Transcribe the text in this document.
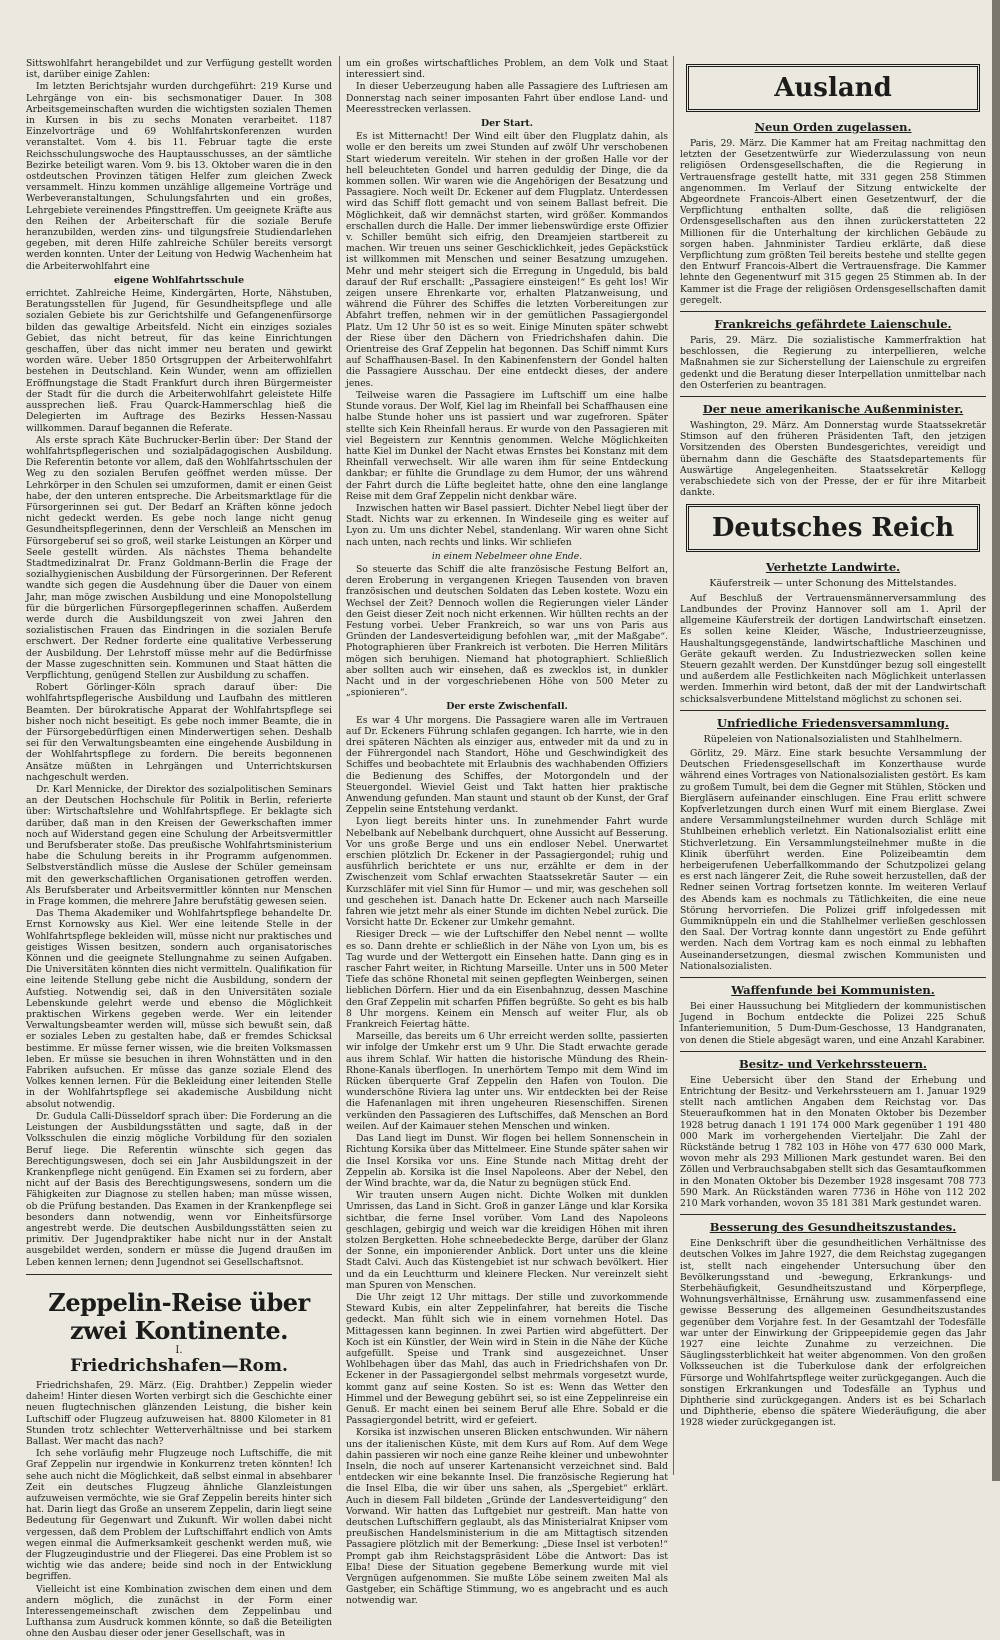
Sittswohlfahrt herangebildet und zur Verfügung gestellt worden ist, darüber einige Zahlen:

Im letzten Berichtsjahr wurden durchgeführt: 219 Kurse und Lehrgänge von ein- bis sechsmonatiger Dauer. In 308 Arbeitsgemeinschaften wurden die wichtigsten sozialen Themen in Kursen in bis zu sechs Monaten verarbeitet. 1187 Einzelvorträge und 69 Wohlfahrtskonferenzen wurden veranstaltet. Vom 4. bis 11. Februar tagte die erste Reichsschulungswoche des Hauptausschusses, an der sämtliche Bezirke beteiligt waren. Vom 9. bis 13. Oktober waren die in den ostdeutschen Provinzen tätigen Helfer zum gleichen Zweck versammelt. Hinzu kommen unzählige allgemeine Vorträge und Werbeveranstaltungen, Schulungsfahrten und ein großes, Lehrgebiete vereinendes Pfingsttreffen. Um geeignete Kräfte aus den Reihen der Arbeiterschaft für die soziale Berufe heranzubilden, werden zins- und tilgungsfreie Studiendarlehen gegeben, mit deren Hilfe zahlreiche Schüler bereits versorgt werden konnten. Unter der Leitung von Hedwig Wachenheim hat die Arbeiterwohlfahrt eine

eigene Wohlfahrtsschule

errichtet. Zahlreiche Heime, Kindergärten, Horte, Nähstuben, Beratungsstellen für Jugend, für Gesundheitspflege und alle sozialen Gebiete bis zur Gerichtshilfe und Gefangenenfürsorge bilden das gewaltige Arbeitsfeld. Nicht ein einziges soziales Gebiet, das nicht betreut, für das keine Einrichtungen geschaffen, über das nicht immer neu beraten und gewirkt worden wäre. Ueber 1850 Ortsgruppen der Arbeiterwohlfahrt bestehen in Deutschland. Kein Wunder, wenn am offiziellen Eröffnungstage die Stadt Frankfurt durch ihren Bürgermeister der Stadt für die durch die Arbeiterwohlfahrt geleistete Hilfe aussprechen ließ. Frau Quarck-Hammerschlag hieß die Delegierten im Auftrage des Bezirks Hessen-Nassau willkommen. Darauf begannen die Referate.

Als erste sprach Käte Buchrucker-Berlin über: Der Stand der wohlfahrtspflegerischen und sozialpädagogischen Ausbildung. Die Referentin betonte vor allem, daß den Wohlfahrtsschulen der Weg zu den sozialen Berufen geöffnet werden müsse. Der Lehrkörper in den Schulen sei umzuformen, damit er einen Geist habe, der den unteren entspreche. Die Arbeitsmarktlage für die Fürsorgerinnen sei gut. Der Bedarf an Kräften könne jedoch nicht gedeckt werden. Es gebe noch lange nicht genug Gesundheitspflegerinnen, denn der Verschleiß an Menschen im Fürsorgeberuf sei so groß, weil starke Leistungen an Körper und Seele gestellt würden. Als nächstes Thema behandelte Stadtmedizinalrat Dr. Franz Goldmann-Berlin die Frage der sozialhygienischen Ausbildung der Fürsorgerinnen. Der Referent wandte sich gegen die Ausdehnung über die Dauer von einem Jahr, man möge zwischen Ausbildung und eine Monopolstellung für die bürgerlichen Fürsorgepflegerinnen schaffen. Außerdem werde durch die Ausbildungszeit von zwei Jahren den sozialistischen Frauen das Eindringen in die sozialen Berufe erschwert. Der Redner forderte eine qualitative Verbesserung der Ausbildung. Der Lehrstoff müsse mehr auf die Bedürfnisse der Masse zugeschnitten sein. Kommunen und Staat hätten die Verpflichtung, genügend Stellen zur Ausbildung zu schaffen.

Robert Görlinger-Köln sprach darauf über: Die wohlfahrtspflegerische Ausbildung und Laufbahn des mittleren Beamten. Der bürokratische Apparat der Wohlfahrtspflege sei bisher noch nicht beseitigt. Es gebe noch immer Beamte, die in der Fürsorgebedürftigen einen Minderwertigen sehen. Deshalb sei für den Verwaltungsbeamten eine eingehende Ausbildung in der Wohlfahrtspflege zu fordern. Die bereits begonnenen Ansätze müßten in Lehrgängen und Unterrichtskursen nachgeschult werden.

Dr. Karl Mennicke, der Direktor des sozialpolitischen Seminars an der Deutschen Hochschule für Politik in Berlin, referierte über: Wirtschaftslehre und Wohlfahrtspflege. Er beklagte sich darüber, daß man in den Kreisen der Gewerkschaften immer noch auf Widerstand gegen eine Schulung der Arbeitsvermittler und Berufsberater stoße. Das preußische Wohlfahrtsministerium habe die Schulung bereits in ihr Programm aufgenommen. Selbstverständlich müsse die Auslese der Schüler gemeinsam mit den gewerkschaftlichen Organisationen getroffen werden. Als Berufsberater und Arbeitsvermittler könnten nur Menschen in Frage kommen, die mehrere Jahre berufstätig gewesen seien.

Das Thema Akademiker und Wohlfahrtspflege behandelte Dr. Ernst Kornowsky aus Kiel. Wer eine leitende Stelle in der Wohlfahrtspflege bekleiden will, müsse nicht nur praktisches und geistiges Wissen besitzen, sondern auch organisatorisches Können und die geeignete Stellungnahme zu seinen Aufgaben. Die Universitäten könnten dies nicht vermitteln. Qualifikation für eine leitende Stellung gebe nicht die Ausbildung, sondern der Aufstieg. Notwendig sei, daß in den Universitäten soziale Lebenskunde gelehrt werde und ebenso die Möglichkeit praktischen Wirkens gegeben werde. Wer ein leitender Verwaltungsbeamter werden will, müsse sich bewußt sein, daß er soziales Leben zu gestalten habe, daß er fremdes Schicksal bestimme. Er müsse ferner wissen, wie die breiten Volksmassen leben. Er müsse sie besuchen in ihren Wohnstätten und in den Fabriken aufsuchen. Er müsse das ganze soziale Elend des Volkes kennen lernen. Für die Bekleidung einer leitenden Stelle in der Wohlfahrtspflege sei akademische Ausbildung nicht absolut notwendig.

Dr. Gudula Calli-Düsseldorf sprach über: Die Forderung an die Leistungen der Ausbildungsstätten und sagte, daß in der Volksschulen die einzig mögliche Vorbildung für den sozialen Beruf liege. Die Referentin wünschte sich gegen das Berechtigungswesen, doch sei ein Jahr Ausbildungszeit in der Krankenpflege nicht genügend. Ein Examen sei zu fordern, aber nicht auf der Basis des Berechtigungswesens, sondern um die Fähigkeiten zur Diagnose zu stellen haben; man müsse wissen, ob die Prüfung bestanden. Das Examen in der Krankenpflege sei besonders dann notwendig, wenn vor Einheitsfürsorge angestrebt werde. Die deutschen Ausbildungsstätten seien zu primitiv. Der Jugendpraktiker habe nicht nur in der Anstalt ausgebildet werden, sondern er müsse die Jugend draußen im Leben kennen lernen; denn Jugendnot sei Gesellschaftsnot.

Zeppelin-Reise über zwei Kontinente.
I.
Friedrichshafen—Rom.

Friedrichshafen, 29. März. (Eig. Drahtber.) Zeppelin wieder daheim! Hinter diesen Worten verbirgt sich die Geschichte einer neuen flugtechnischen glänzenden Leistung, die bisher kein Luftschiff oder Flugzeug aufzuweisen hat. 8800 Kilometer in 81 Stunden trotz schlechter Wetterverhältnisse und bei starkem Ballast. Wer macht das nach?

Ich sehe vorläufig mehr Flugzeuge noch Luftschiffe, die mit Graf Zeppelin nur irgendwie in Konkurrenz treten könnten! Ich sehe auch nicht die Möglichkeit, daß selbst einmal in absehbarer Zeit ein deutsches Flugzeug ähnliche Glanzleistungen aufzuweisen vermöchte, wie sie Graf Zeppelin bereits hinter sich hat. Darin liegt das Große an unserem Zeppelin, darin liegt seine Bedeutung für Gegenwart und Zukunft. Wir wollen dabei nicht vergessen, daß dem Problem der Luftschiffahrt endlich von Amts wegen einmal die Aufmerksamkeit geschenkt werden muß, wie der Flugzeugindustrie und der Fliegerei. Das eine Problem ist so wichtig wie das andere; beide sind noch in der Entwicklung begriffen.

Vielleicht ist eine Kombination zwischen dem einen und dem andern möglich, die zunächst in der Form einer Interessengemeinschaft zwischen dem Zeppelinbau und Lufthansa zum Ausdruck kommen könnte, so daß die Beteiligten ohne den Ausbau dieser oder jener Gesellschaft, was in

um ein großes wirtschaftliches Problem, an dem Volk und Staat interessiert sind.

In dieser Ueberzeugung haben alle Passagiere des Luftriesen am Donnerstag nach seiner imposanten Fahrt über endlose Land- und Meeresstrecken verlassen.

Der Start.

Es ist Mitternacht! Der Wind eilt über den Flugplatz dahin, als wolle er den bereits um zwei Stunden auf zwölf Uhr verschobenen Start wiederum vereiteln. Wir stehen in der großen Halle vor der hell beleuchteten Gondel und harren geduldig der Dinge, die da kommen sollen. Wir waren wie die Angehörigen der Besatzung und Passagiere. Noch weilt Dr. Eckener auf dem Flugplatz. Unterdessen wird das Schiff flott gemacht und von seinem Ballast befreit. Die Möglichkeit, daß wir demnächst starten, wird größer. Kommandos erschallen durch die Halle. Der immer liebenswürdige erste Offizier v. Schiller bemüht sich eifrig, den Dreamjeien startbereit zu machen. Wir treuen uns seiner Geschicklichkeit, jedes Gepäckstück ist willkommen mit Menschen und seiner Besatzung umzugehen. Mehr und mehr steigert sich die Erregung in Ungeduld, bis bald darauf der Ruf erschallt: „Passagiere einsteigen!“ Es geht los! Wir zeigen unsere Ehrenkarte vor, erhalten Platzanweisung, und während die Führer des Schiffes die letzten Vorbereitungen zur Abfahrt treffen, nehmen wir in der gemütlichen Passagiergondel Platz. Um 12 Uhr 50 ist es so weit. Einige Minuten später schwebt der Riese über den Dächern von Friedrichshafen dahin. Die Orientreise des Graf Zeppelin hat begonnen. Das Schiff nimmt Kurs auf Schaffhausen-Basel. In den Kabinenfenstern der Gondel halten die Passagiere Ausschau. Der eine entdeckt dieses, der andere jenes.

Teilweise waren die Passagiere im Luftschiff um eine halbe Stunde voraus. Der Wolf, Kiel lag im Rheinfall bei Schaffhausen eine halbe Stunde hoher uns ist passiert und war zugefroren. Später stellte sich Kein Rheinfall heraus. Er wurde von den Passagieren mit viel Begeistern zur Kenntnis genommen. Welche Möglichkeiten hatte Kiel im Dunkel der Nacht etwas Ernstes bei Konstanz mit dem Rheinfall verwechselt. Wir alle waren ihm für seine Entdeckung dankbar; er fühlte die Grundlage zu dem Humor, der uns während der Fahrt durch die Lüfte begleitet hatte, ohne den eine langlange Reise mit dem Graf Zeppelin nicht denkbar wäre.

Inzwischen hatten wir Basel passiert. Dichter Nebel liegt über der Stadt. Nichts war zu erkennen. In Windeseile ging es weiter auf Lyon zu. Um uns dichter Nebel, standenlang. Wir waren ohne Sicht nach unten, nach rechts und links. Wir schliefen

in einem Nebelmeer ohne Ende.

So steuerte das Schiff die alte französische Festung Belfort an, deren Eroberung in vergangenen Kriegen Tausenden von braven französischen und deutschen Soldaten das Leben kostete. Wozu ein Wechsel der Zeit? Dennoch wollen die Regierungen vieler Länder den Geist dieser Zeit noch nicht erkennen. Wir hüllten rechts an der Festung vorbei. Ueber Frankreich, so war uns von Paris aus Gründen der Landesverteidigung befohlen war, „mit der Maßgabe“. Photographieren über Frankreich ist verboten. Die Herren Militärs mögen sich beruhigen. Niemand hat photographiert. Schließlich aber sollten auch wir einsehen, daß es zwecklos ist, in dunkler Nacht und in der vorgeschriebenen Höhe von 500 Meter zu „spionieren“.

Der erste Zwischenfall.

Es war 4 Uhr morgens. Die Passagiere waren alle im Vertrauen auf Dr. Eckeners Führung schlafen gegangen. Ich harrte, wie in den drei späteren Nächten als einziger aus, entweder mit da und zu in der Führergondel nach Standort, Höhe und Geschwindigkeit des Schiffes und beobachtete mit Erlaubnis des wachhabenden Offiziers die Bedienung des Schiffes, der Motorgondeln und der Steuergondel. Wieviel Geist und Takt hatten hier praktische Anwendung gefunden. Man staunt und staunt ob der Kunst, der Graf Zeppelin seine Entstehung verdankt.

Lyon liegt bereits hinter uns. In zunehmender Fahrt wurde Nebelbank auf Nebelbank durchquert, ohne Aussicht auf Besserung. Vor uns große Berge und uns ein endloser Nebel. Unerwartet erschien plötzlich Dr. Eckener in der Passagiergondel; ruhig und ausführlich berichtete er uns nur, erzählte er dem in der Zwischenzeit vom Schlaf erwachten Staatssekretär Sauter — ein Kurzschläfer mit viel Sinn für Humor — und mir, was geschehen soll und geschehen ist. Danach hatte Dr. Eckener auch nach Marseille fahren wie jetzt mehr als einer Stunde im dichten Nebel zurück. Die Vorsicht hatte Dr. Eckener zur Umkehr gemahnt.

Riesiger Dreck — wie der Luftschiffer den Nebel nennt — wollte es so. Dann drehte er schließlich in der Nähe von Lyon um, bis es Tag wurde und der Wettergott ein Einsehen hatte. Dann ging es in rascher Fahrt weiter, in Richtung Marseille. Unter uns in 500 Meter Tiefe das schöne Rhonetal mit seinen gepflegten Weinbergen, seinen lieblichen Dörfern. Hier und da ein Eisenbahnzug, dessen Maschine den Graf Zeppelin mit scharfen Pfiffen begrüßte. So geht es bis halb 8 Uhr morgens. Keinem ein Mensch auf weiter Flur, als ob Frankreich Feiertag hätte.

Marseille, das bereits um 6 Uhr erreicht werden sollte, passierten wir infolge der Umkehr erst um 9 Uhr. Die Stadt erwachte gerade aus ihrem Schlaf. Wir hatten die historische Mündung des Rhein-Rhone-Kanals überflogen. In unerhörtem Tempo mit dem Wind im Rücken überquerte Graf Zeppelin den Hafen von Toulon. Die wunderschöne Riviera lag unter uns. Wir entdeckten bei der Reise die Hafenanlagen mit ihren ungeheuren Riesenschiffen. Sirenen verkünden den Passagieren des Luftschiffes, daß Menschen an Bord weilen. Auf der Kaimauer stehen Menschen und winken.

Das Land liegt im Dunst. Wir flogen bei hellem Sonnenschein in Richtung Korsika über das Mittelmeer. Eine Stunde später sahen wir die Insel Korsika vor uns. Eine Stunde nach Mittag dreht der Zeppelin ab. Korsika ist die Insel Napoleons. Aber der Nebel, den der Wind brachte, war da, die Natur zu begnügen stück End.

Wir trauten unsern Augen nicht. Dichte Wolken mit dunklen Umrissen, das Land in Sicht. Groß in ganzer Länge und klar Korsika sichtbar, die ferne Insel vorüber. Vom Land des Napoleons geschlagen, gebirgig und weich war die kreidigen Höhen mit ihren stolzen Bergketten. Hohe schneebedeckte Berge, darüber der Glanz der Sonne, ein imponierender Anblick. Dort unter uns die kleine Stadt Calvi. Auch das Küstengebiet ist nur schwach bevölkert. Hier und da ein Leuchtturm und kleinere Flecken. Nur vereinzelt sieht man Spuren von Menschen.

Die Uhr zeigt 12 Uhr mittags. Der stille und zuvorkommende Steward Kubis, ein alter Zeppelinfahrer, hat bereits die Tische gedeckt. Man fühlt sich wie in einem vornehmen Hotel. Das Mittagessen kann beginnen. In zwei Partien wird abgefüttert. Der Koch ist ein Künstler, der Wein wird in Stein in die Nähe der Küche aufgefüllt. Speise und Trank sind ausgezeichnet. Unser Wohlbehagen über das Mahl, das auch in Friedrichshafen von Dr. Eckener in der Passagiergondel selbst mehrmals vorgesetzt wurde, kommt ganz auf seine Kosten. So ist es: Wenn das Wetter den Himmel und der Bewegung gebührt sei, so ist eine Zeppelinreise ein Genuß. Er macht einen bei seinem Beruf alle Ehre. Sobald er die Passagiergondel betritt, wird er gefeiert.

Korsika ist inzwischen unseren Blicken entschwunden. Wir nähern uns der italienischen Küste, mit dem Kurs auf Rom. Auf dem Wege dahin passieren wir noch eine ganze Reihe kleiner und unbewohnter Inseln, die noch auf unserer Kartenansicht verzeichnet sind. Bald entdecken wir eine bekannte Insel. Die französische Regierung hat die Insel Elba, die wir über uns sahen, als „Spergebiet“ erklärt. Auch in diesem Fall bildeten „Gründe der Landesverteidigung“ den Vorwand. Wir hatten das Luftgebiet nur gestreift. Man hatte von deutschen Luftschiffern geglaubt, als das Ministerialrat Knipser vom preußischen Handelsministerium in die am Mittagtisch sitzenden Passagiere plötzlich mit der Bemerkung: „Diese Insel ist verboten!“ Prompt gab ihm Reichstagspräsident Löbe die Antwort: Das ist Elba! Diese der Situation gegebene Bemerkung wurde mit viel Vergnügen aufgenommen. Sie mußte Löbe seinem zweiten Mal als Gastgeber, ein Schäftige Stimmung, wo es angebracht und es auch notwendig war.

Ausland
Neun Orden zugelassen.

Paris, 29. März. Die Kammer hat am Freitag nachmittag den letzten der Gesetzentwürfe zur Wiederzulassung von neun religiösen Ordensgesellschaften, die die Regierung in Vertrauensfrage gestellt hatte, mit 331 gegen 258 Stimmen angenommen. Im Verlauf der Sitzung entwickelte der Abgeordnete Francois-Albert einen Gesetzentwurf, der die Verpflichtung enthalten sollte, daß die religiösen Ordensgesellschaften aus den ihnen zurückerstatteten 22 Millionen für die Unterhaltung der kirchlichen Gebäude zu sorgen haben. Jahnminister Tardieu erklärte, daß diese Verpflichtung zum größten Teil bereits bestehe und stellte gegen den Entwurf Francois-Albert die Vertrauensfrage. Die Kammer lehnte den Gegenentwurf mit 315 gegen 25 Stimmen ab. In der Kammer ist die Frage der religiösen Ordensgesellschaften damit geregelt.

Frankreichs gefährdete Laienschule.

Paris, 29. März. Die sozialistische Kammerfraktion hat beschlossen, die Regierung zu interpellieren, welche Maßnahmen sie zur Sicherstellung der Laienschule zu ergreifen gedenkt und die Beratung dieser Interpellation unmittelbar nach den Osterferien zu beantragen.

Der neue amerikanische Außenminister.

Washington, 29. März. Am Donnerstag wurde Staatssekretär Stimson auf den früheren Präsidenten Taft, den jetzigen Vorsitzenden des Obersten Bundesgerichtes, vereidigt und übernahm dann die Geschäfte des Staatsdepartements für Auswärtige Angelegenheiten. Staatssekretär Kellogg verabschiedete sich von der Presse, der er für ihre Mitarbeit dankte.

Deutsches Reich
Verhetzte Landwirte.
Käuferstreik — unter Schonung des Mittelstandes.

Auf Beschluß der Vertrauensmännerversammlung des Landbundes der Provinz Hannover soll am 1. April der allgemeine Käuferstreik der dortigen Landwirtschaft einsetzen. Es sollen keine Kleider, Wäsche, Industrieerzeugnisse, Haushaltungsgegenstände, landwirtschaftliche Maschinen und Geräte gekauft werden. Zu Industriezwecken sollen keine Steuern gezahlt werden. Der Kunstdünger bezug soll eingestellt und außerdem alle Festlichkeiten nach Möglichkeit unterlassen werden. Immerhin wird betont, daß der mit der Landwirtschaft schicksalsverbundene Mittelstand möglichst zu schonen sei.

Unfriedliche Friedensversammlung.
Rüpeleien von Nationalsozialisten und Stahlhelmern.

Görlitz, 29. März. Eine stark besuchte Versammlung der Deutschen Friedensgesellschaft im Konzerthause wurde während eines Vortrages von Nationalsozialisten gestört. Es kam zu großem Tumult, bei dem die Gegner mit Stühlen, Stöcken und Biergläsern aufeinander einschlugen. Eine Frau erlitt schwere Kopfverletzungen durch einen Wurf mit einem Bierglase. Zwei andere Versammlungsteilnehmer wurden durch Schläge mit Stuhlbeinen erheblich verletzt. Ein Nationalsozialist erlitt eine Stichverletzung. Ein Versammlungsteilnehmer mußte in die Klinik überführt werden. Eine Polizeibeamtin dem herbeigerufenen Ueberfallkommando der Schutzpolizei gelang es erst nach längerer Zeit, die Ruhe soweit herzustellen, daß der Redner seinen Vortrag fortsetzen konnte. Im weiteren Verlauf des Abends kam es nochmals zu Tätlichkeiten, die eine neue Störung hervorriefen. Die Polizei griff infolgedessen mit Gummiknüppeln ein und die Stahlhelmer verließen geschlossen den Saal. Der Vortrag konnte dann ungestört zu Ende geführt werden. Nach dem Vortrag kam es noch einmal zu lebhaften Auseinandersetzungen, diesmal zwischen Kommunisten und Nationalsozialisten.

Waffenfunde bei Kommunisten.

Bei einer Haussuchung bei Mitgliedern der kommunistischen Jugend in Bochum entdeckte die Polizei 225 Schuß Infanteriemunition, 5 Dum-Dum-Geschosse, 13 Handgranaten, von denen die Stiele abgesägt waren, und eine Anzahl Karabiner.

Besitz- und Verkehrssteuern.

Eine Uebersicht über den Stand der Erhebung und Entrichtung der Besitz- und Verkehrssteuern am 1. Januar 1929 stellt nach amtlichen Angaben dem Reichstag vor. Das Steueraufkommen hat in den Monaten Oktober bis Dezember 1928 betrug danach 1 191 174 000 Mark gegenüber 1 191 480 000 Mark im vorhergehenden Vierteljahr. Die Zahl der Rückstände betrug 1 782 103 in Höhe von 477 630 000 Mark, wovon mehr als 293 Millionen Mark gestundet waren. Bei den Zöllen und Verbrauchsabgaben stellt sich das Gesamtaufkommen in den Monaten Oktober bis Dezember 1928 insgesamt 708 773 590 Mark. An Rückständen waren 7736 in Höhe von 112 202 210 Mark vorhanden, wovon 35 181 381 Mark gestundet waren.

Besserung des Gesundheitszustandes.

Eine Denkschrift über die gesundheitlichen Verhältnisse des deutschen Volkes im Jahre 1927, die dem Reichstag zugegangen ist, stellt nach eingehender Untersuchung über den Bevölkerungsstand und -bewegung, Erkrankungs- und Sterbehäufigkeit, Gesundheitszustand und Körperpflege, Wohnungsverhältnisse, Ernährung usw. zusammenfassend eine gewisse Besserung des allgemeinen Gesundheitszustandes gegenüber dem Vorjahre fest. In der Gesamtzahl der Todesfälle war unter der Einwirkung der Grippeepidemie gegen das Jahr 1927 eine leichte Zunahme zu verzeichnen. Die Säuglingssterblichkeit hat weiter abgenommen. Von den großen Volksseuchen ist die Tuberkulose dank der erfolgreichen Fürsorge und Wohlfahrtspflege weiter zurückgegangen. Auch die sonstigen Erkrankungen und Todesfälle an Typhus und Diphtherie sind zurückgegangen. Anders ist es bei Scharlach und Diphtherie, ebenso die spätere Wiederäufigung, die aber 1928 wieder zurückgegangen ist.
